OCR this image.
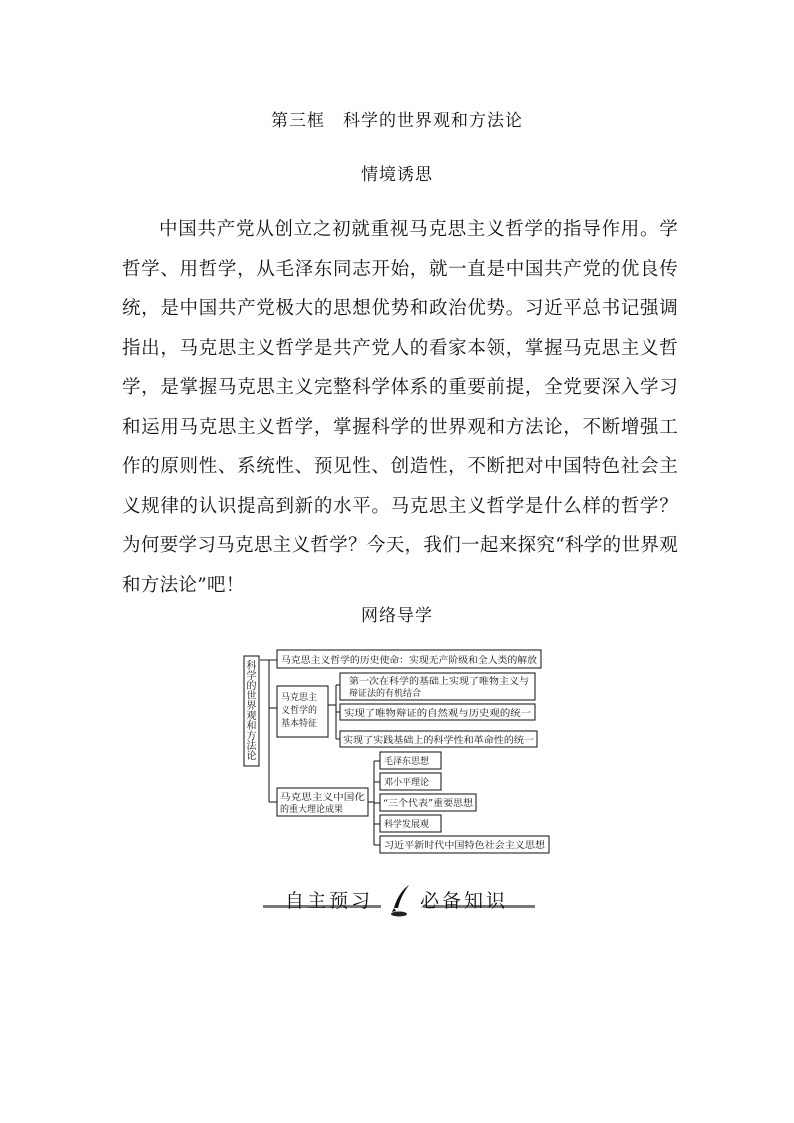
第三框　科学的世界观和方法论
情境诱思
中国共产党从创立之初就重视马克思主义哲学的指导作用。学哲学、用哲学，从毛泽东同志开始，就一直是中国共产党的优良传统，是中国共产党极大的思想优势和政治优势。习近平总书记强调指出，马克思主义哲学是共产党人的看家本领，掌握马克思主义哲学，是掌握马克思主义完整科学体系的重要前提，全党要深入学习和运用马克思主义哲学，掌握科学的世界观和方法论，不断增强工作的原则性、系统性、预见性、创造性，不断把对中国特色社会主义规律的认识提高到新的水平。马克思主义哲学是什么样的哲学？为何要学习马克思主义哲学？今天，我们一起来探究“科学的世界观和方法论”吧！
网络导学
科
学
的
世
界
观
和
方
法
论
马克思主义哲学的历史使命：实现无产阶级和全人类的解放
马克思主
义哲学的
基本特征
第一次在科学的基础上实现了唯物主义与
辩证法的有机结合
实现了唯物辩证的自然观与历史观的统一
实现了实践基础上的科学性和革命性的统一
马克思主义中国化
的重大理论成果
毛泽东思想
邓小平理论
“三个代表”重要思想
科学发展观
习近平新时代中国特色社会主义思想
自主预习 必备知识
